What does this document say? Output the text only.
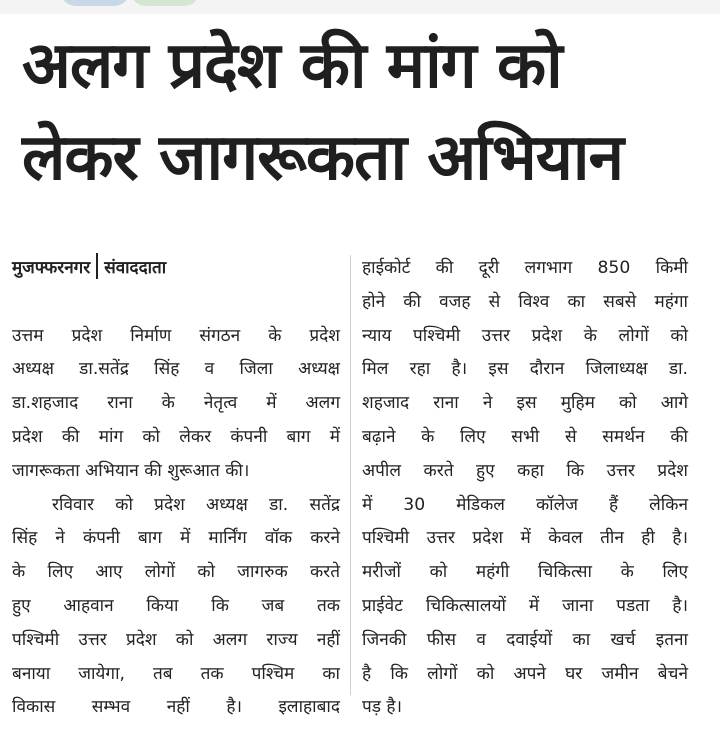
अलग प्रदेश की मांग को
लेकर जागरूकता अभियान
मुजफ्फरनगर संवाददाता
उत्तम प्रदेश निर्माण संगठन के प्रदेश
अध्यक्ष डा.सतेंद्र सिंह व जिला अध्यक्ष
डा.शहजाद राना के नेतृत्व में अलग
प्रदेश की मांग को लेकर कंपनी बाग में
जागरूकता अभियान की शुरूआत की।
रविवार को प्रदेश अध्यक्ष डा. सतेंद्र
सिंह ने कंपनी बाग में मार्निंग वॉक करने
के लिए आए लोगों को जागरुक करते
हुए आहवान किया कि जब तक
पश्चिमी उत्तर प्रदेश को अलग राज्य नहीं
बनाया जायेगा, तब तक पश्चिम का
विकास सम्भव नहीं है। इलाहाबाद
हाईकोर्ट की दूरी लगभाग 850 किमी
होने की वजह से विश्व का सबसे महंगा
न्याय पश्चिमी उत्तर प्रदेश के लोगों को
मिल रहा है। इस दौरान जिलाध्यक्ष डा.
शहजाद राना ने इस मुहिम को आगे
बढ़ाने के लिए सभी से समर्थन की
अपील करते हुए कहा कि उत्तर प्रदेश
में 30 मेडिकल कॉलेज हैं लेकिन
पश्चिमी उत्तर प्रदेश में केवल तीन ही है।
मरीजों को महंगी चिकित्सा के लिए
प्राईवेट चिकित्सालयों में जाना पडता है।
जिनकी फीस व दवाईयों का खर्च इतना
है कि लोगों को अपने घर जमीन बेचने
पड़ है।
